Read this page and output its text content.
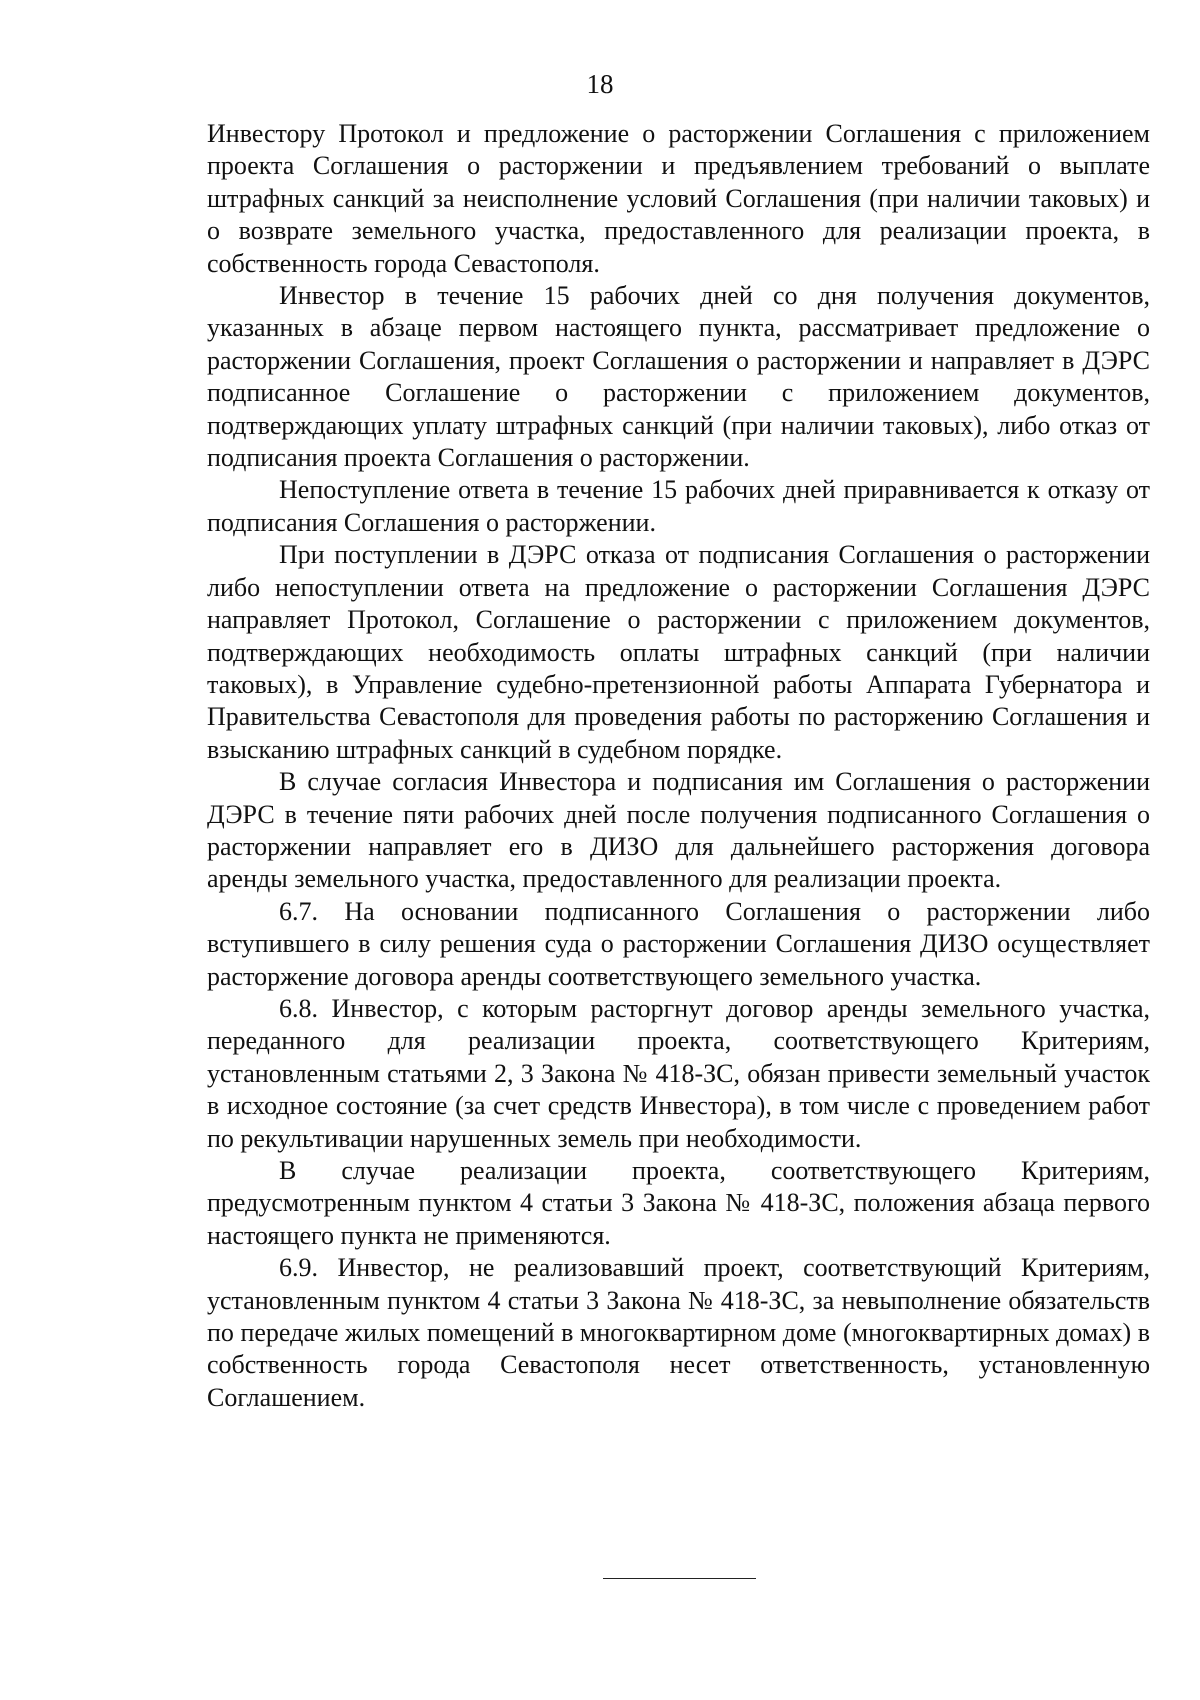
18

Инвестору Протокол и предложение о расторжении Соглашения с приложением проекта Соглашения о расторжении и предъявлением требований о выплате штрафных санкций за неисполнение условий Соглашения (при наличии таковых) и о возврате земельного участка, предоставленного для реализации проекта, в собственность города Севастополя.

Инвестор в течение 15 рабочих дней со дня получения документов, указанных в абзаце первом настоящего пункта, рассматривает предложение о расторжении Соглашения, проект Соглашения о расторжении и направляет в ДЭРС подписанное Соглашение о расторжении с приложением документов, подтверждающих уплату штрафных санкций (при наличии таковых), либо отказ от подписания проекта Соглашения о расторжении.

Непоступление ответа в течение 15 рабочих дней приравнивается к отказу от подписания Соглашения о расторжении.

При поступлении в ДЭРС отказа от подписания Соглашения о расторжении либо непоступлении ответа на предложение о расторжении Соглашения ДЭРС направляет Протокол, Соглашение о расторжении с приложением документов, подтверждающих необходимость оплаты штрафных санкций (при наличии таковых), в Управление судебно-претензионной работы Аппарата Губернатора и Правительства Севастополя для проведения работы по расторжению Соглашения и взысканию штрафных санкций в судебном порядке.

В случае согласия Инвестора и подписания им Соглашения о расторжении ДЭРС в течение пяти рабочих дней после получения подписанного Соглашения о расторжении направляет его в ДИЗО для дальнейшего расторжения договора аренды земельного участка, предоставленного для реализации проекта.

6.7. На основании подписанного Соглашения о расторжении либо вступившего в силу решения суда о расторжении Соглашения ДИЗО осуществляет расторжение договора аренды соответствующего земельного участка.

6.8. Инвестор, с которым расторгнут договор аренды земельного участка, переданного для реализации проекта, соответствующего Критериям, установленным статьями 2, 3 Закона № 418-ЗС, обязан привести земельный участок в исходное состояние (за счет средств Инвестора), в том числе с проведением работ по рекультивации нарушенных земель при необходимости.

В случае реализации проекта, соответствующего Критериям, предусмотренным пунктом 4 статьи 3 Закона № 418-ЗС, положения абзаца первого настоящего пункта не применяются.

6.9. Инвестор, не реализовавший проект, соответствующий Критериям, установленным пунктом 4 статьи 3 Закона № 418-ЗС, за невыполнение обязательств по передаче жилых помещений в многоквартирном доме (многоквартирных домах) в собственность города Севастополя несет ответственность, установленную Соглашением.
